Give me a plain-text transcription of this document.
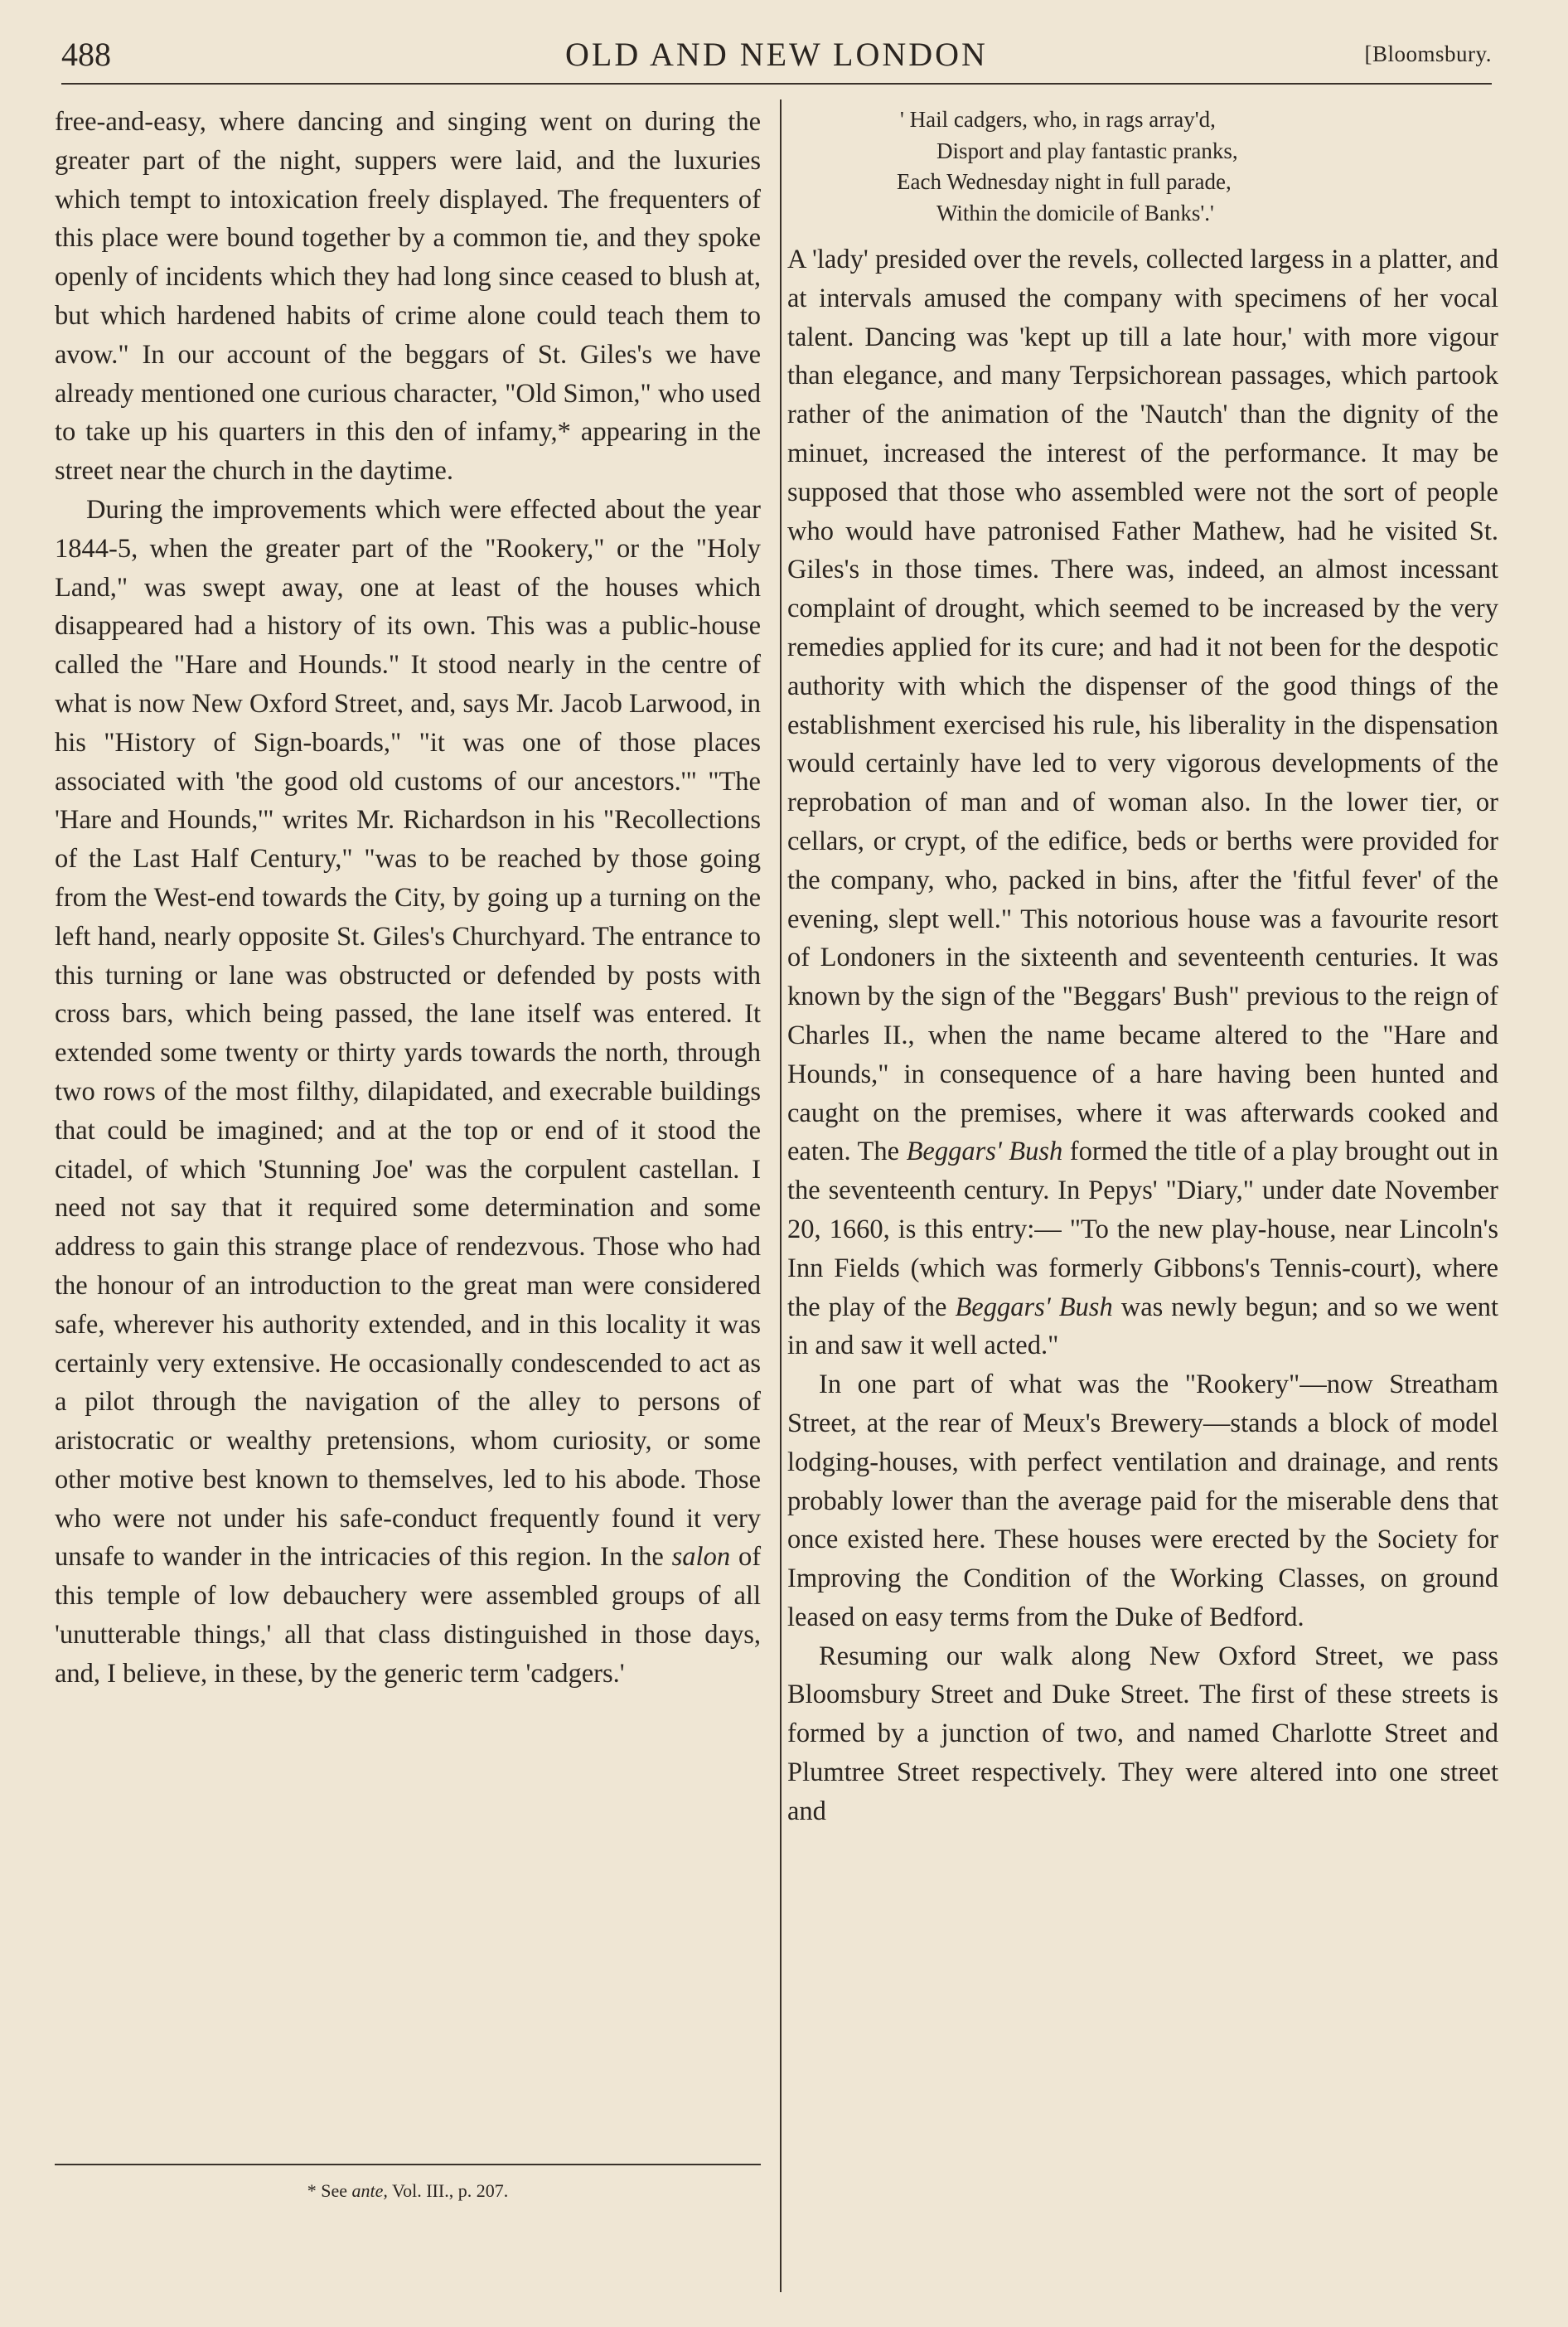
488	OLD AND NEW LONDON	[Bloomsbury.

free-and-easy, where dancing and singing went on during the greater part of the night, suppers were laid, and the luxuries which tempt to intoxication freely displayed. The frequenters of this place were bound together by a common tie, and they spoke openly of incidents which they had long since ceased to blush at, but which hardened habits of crime alone could teach them to avow." In our account of the beggars of St. Giles's we have already mentioned one curious character, "Old Simon," who used to take up his quarters in this den of infamy,* appearing in the street near the church in the daytime.

During the improvements which were effected about the year 1844-5, when the greater part of the "Rookery," or the "Holy Land," was swept away, one at least of the houses which disappeared had a history of its own. This was a public-house called the "Hare and Hounds." It stood nearly in the centre of what is now New Oxford Street, and, says Mr. Jacob Larwood, in his "History of Sign-boards," "it was one of those places associated with 'the good old customs of our ancestors.'" "The 'Hare and Hounds,'" writes Mr. Richardson in his "Recollections of the Last Half Century," "was to be reached by those going from the West-end towards the City, by going up a turning on the left hand, nearly opposite St. Giles's Churchyard. The entrance to this turning or lane was obstructed or defended by posts with cross bars, which being passed, the lane itself was entered. It extended some twenty or thirty yards towards the north, through two rows of the most filthy, dilapidated, and execrable buildings that could be imagined; and at the top or end of it stood the citadel, of which 'Stunning Joe' was the corpulent castellan. I need not say that it required some determination and some address to gain this strange place of rendezvous. Those who had the honour of an introduction to the great man were considered safe, wherever his authority extended, and in this locality it was certainly very extensive. He occasionally condescended to act as a pilot through the navigation of the alley to persons of aristocratic or wealthy pretensions, whom curiosity, or some other motive best known to themselves, led to his abode. Those who were not under his safe-conduct frequently found it very unsafe to wander in the intricacies of this region. In the salon of this temple of low debauchery were assembled groups of all 'unutterable things,' all that class distinguished in those days, and, I believe, in these, by the generic term 'cadgers.'

' Hail cadgers, who, in rags array'd,
Disport and play fantastic pranks,
Each Wednesday night in full parade,
Within the domicile of Banks'.'

A 'lady' presided over the revels, collected largess in a platter, and at intervals amused the company with specimens of her vocal talent. Dancing was 'kept up till a late hour,' with more vigour than elegance, and many Terpsichorean passages, which partook rather of the animation of the 'Nautch' than the dignity of the minuet, increased the interest of the performance. It may be supposed that those who assembled were not the sort of people who would have patronised Father Mathew, had he visited St. Giles's in those times. There was, indeed, an almost incessant complaint of drought, which seemed to be increased by the very remedies applied for its cure; and had it not been for the despotic authority with which the dispenser of the good things of the establishment exercised his rule, his liberality in the dispensation would certainly have led to very vigorous developments of the reprobation of man and of woman also. In the lower tier, or cellars, or crypt, of the edifice, beds or berths were provided for the company, who, packed in bins, after the 'fitful fever' of the evening, slept well." This notorious house was a favourite resort of Londoners in the sixteenth and seventeenth centuries. It was known by the sign of the "Beggars' Bush" previous to the reign of Charles II., when the name became altered to the "Hare and Hounds," in consequence of a hare having been hunted and caught on the premises, where it was afterwards cooked and eaten. The Beggars' Bush formed the title of a play brought out in the seventeenth century. In Pepys' "Diary," under date November 20, 1660, is this entry:— "To the new play-house, near Lincoln's Inn Fields (which was formerly Gibbons's Tennis-court), where the play of the Beggars' Bush was newly begun; and so we went in and saw it well acted."

In one part of what was the "Rookery"—now Streatham Street, at the rear of Meux's Brewery—stands a block of model lodging-houses, with perfect ventilation and drainage, and rents probably lower than the average paid for the miserable dens that once existed here. These houses were erected by the Society for Improving the Condition of the Working Classes, on ground leased on easy terms from the Duke of Bedford.

Resuming our walk along New Oxford Street, we pass Bloomsbury Street and Duke Street. The first of these streets is formed by a junction of two, and named Charlotte Street and Plumtree Street respectively. They were altered into one street and

* See ante, Vol. III., p. 207.
